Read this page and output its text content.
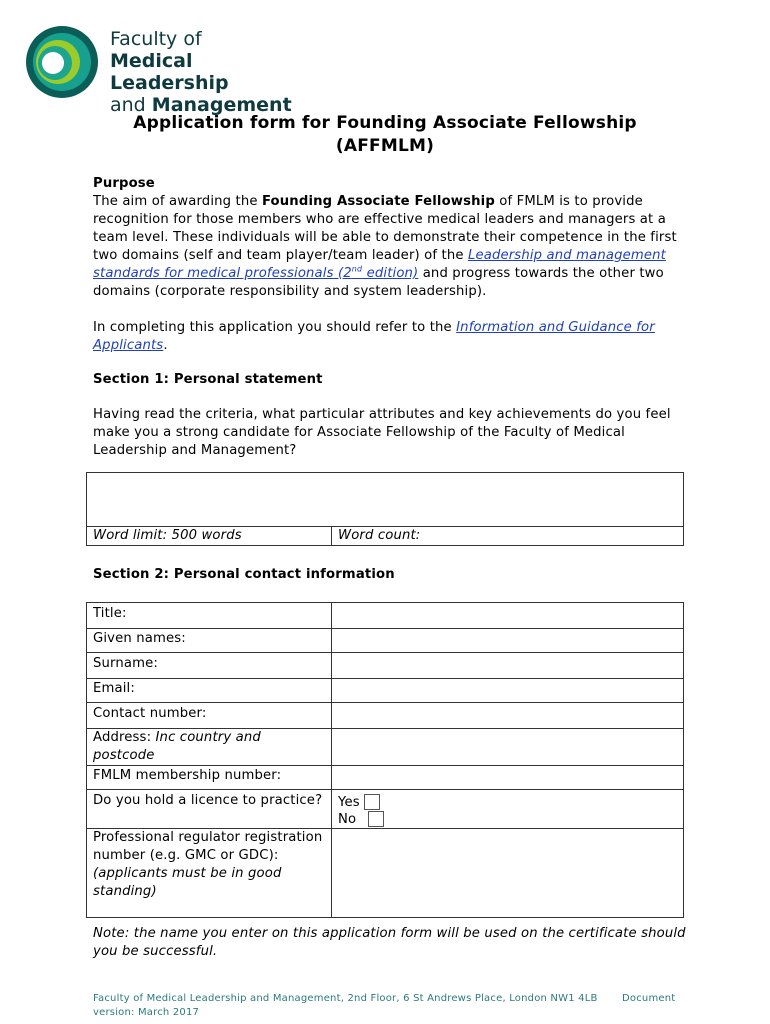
Faculty of
Medical Leadership
and Management
Application form for Founding Associate Fellowship
(AFFMLM)

Purpose

The aim of awarding the Founding Associate Fellowship of FMLM is to provide recognition for those members who are effective medical leaders and managers at a team level. These individuals will be able to demonstrate their competence in the first two domains (self and team player/team leader) of the Leadership and management standards for medical professionals (2nd edition) and progress towards the other two domains (corporate responsibility and system leadership).

In completing this application you should refer to the Information and Guidance for Applicants.

Section 1: Personal statement
Having read the criteria, what particular attributes and key achievements do you feel make you a strong candidate for Associate Fellowship of the Faculty of Medical Leadership and Management?

Word limit: 500 words	Word count:
Section 2: Personal contact information
Title:	
Given names:	
Surname:	
Email:	
Contact number:	
Address: Inc country and postcode	
FMLM membership number:	
Do you hold a licence to practice?	Yes
No

Professional regulator registration number (e.g. GMC or GDC):
(applicants must be in good standing)	
Note: the name you enter on this application form will be used on the certificate should you be successful.
Faculty of Medical Leadership and Management, 2nd Floor, 6 St Andrews Place, London NW1 4LB Document
version: March 2017
